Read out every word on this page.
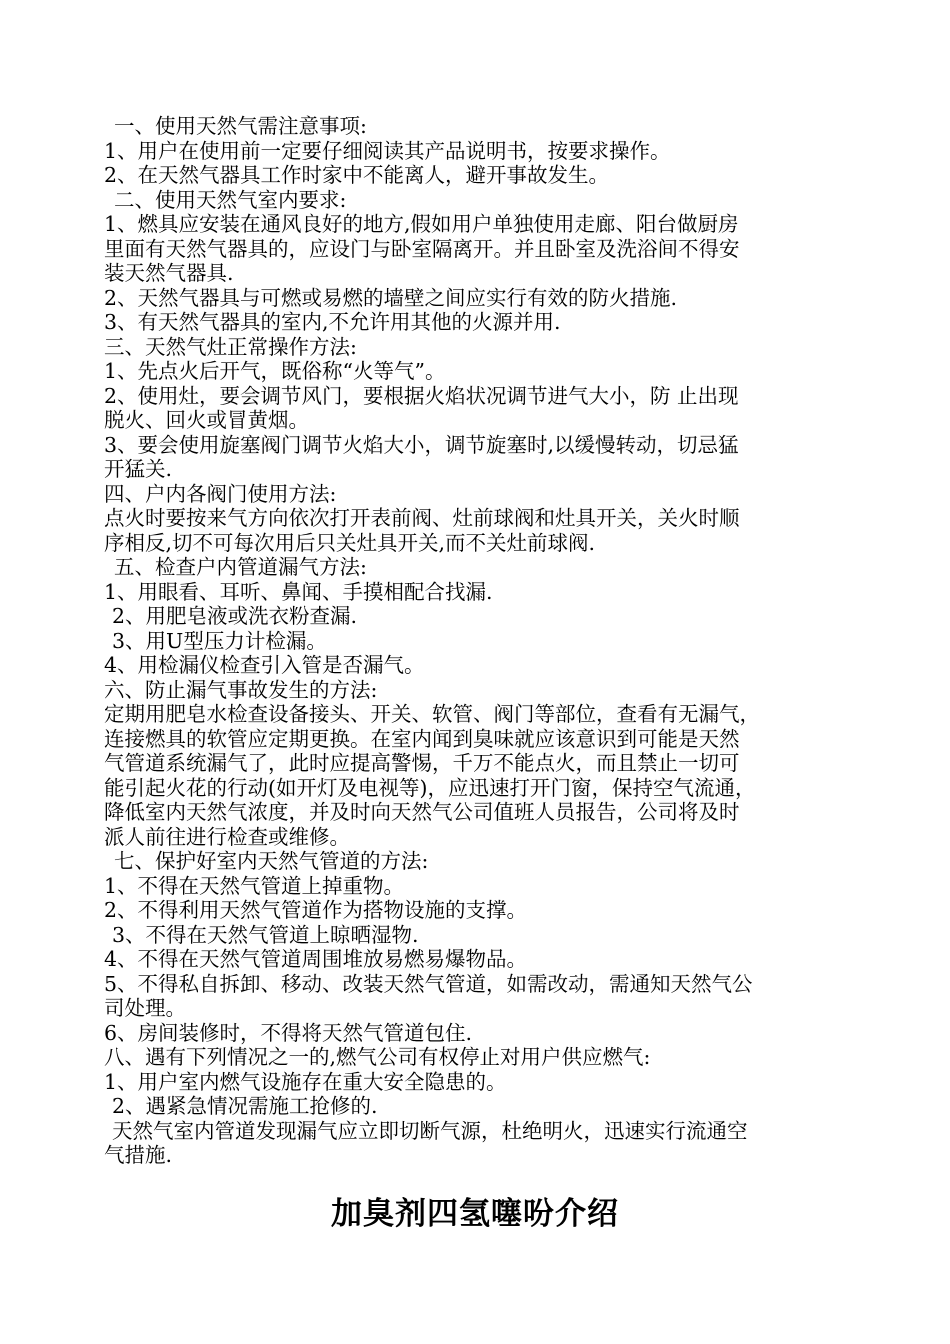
一、使用天然气需注意事项:
1、用户在使用前一定要仔细阅读其产品说明书，按要求操作。
2、在天然气器具工作时家中不能离人，避开事故发生。
二、使用天然气室内要求:
1、燃具应安装在通风良好的地方,假如用户单独使用走廊、阳台做厨房
里面有天然气器具的，应设门与卧室隔离开。并且卧室及洗浴间不得安
装天然气器具.
2、天然气器具与可燃或易燃的墙壁之间应实行有效的防火措施.
3、有天然气器具的室内,不允许用其他的火源并用.
三、天然气灶正常操作方法:
1、先点火后开气，既俗称“火等气”。
2、使用灶，要会调节风门，要根据火焰状况调节进气大小，防 止出现
脱火、回火或冒黄烟。
3、要会使用旋塞阀门调节火焰大小，调节旋塞时,以缓慢转动，切忌猛
开猛关.
四、户内各阀门使用方法:
点火时要按来气方向依次打开表前阀、灶前球阀和灶具开关，关火时顺
序相反,切不可每次用后只关灶具开关,而不关灶前球阀.
五、检查户内管道漏气方法:
1、用眼看、耳听、鼻闻、手摸相配合找漏.
2、用肥皂液或洗衣粉查漏.
3、用U型压力计检漏。
4、用检漏仪检查引入管是否漏气。
六、防止漏气事故发生的方法:
定期用肥皂水检查设备接头、开关、软管、阀门等部位，查看有无漏气，
连接燃具的软管应定期更换。在室内闻到臭味就应该意识到可能是天然
气管道系统漏气了，此时应提高警惕，千万不能点火，而且禁止一切可
能引起火花的行动(如开灯及电视等)，应迅速打开门窗，保持空气流通，
降低室内天然气浓度，并及时向天然气公司值班人员报告，公司将及时
派人前往进行检查或维修。
七、保护好室内天然气管道的方法:
1、不得在天然气管道上掉重物。
2、不得利用天然气管道作为搭物设施的支撑。
3、不得在天然气管道上晾晒湿物.
4、不得在天然气管道周围堆放易燃易爆物品。
5、不得私自拆卸、移动、改装天然气管道，如需改动，需通知天然气公
司处理。
6、房间装修时，不得将天然气管道包住.
八、遇有下列情况之一的,燃气公司有权停止对用户供应燃气:
1、用户室内燃气设施存在重大安全隐患的。
2、遇紧急情况需施工抢修的.
天然气室内管道发现漏气应立即切断气源，杜绝明火，迅速实行流通空
气措施.
加臭剂四氢噻吩介绍
